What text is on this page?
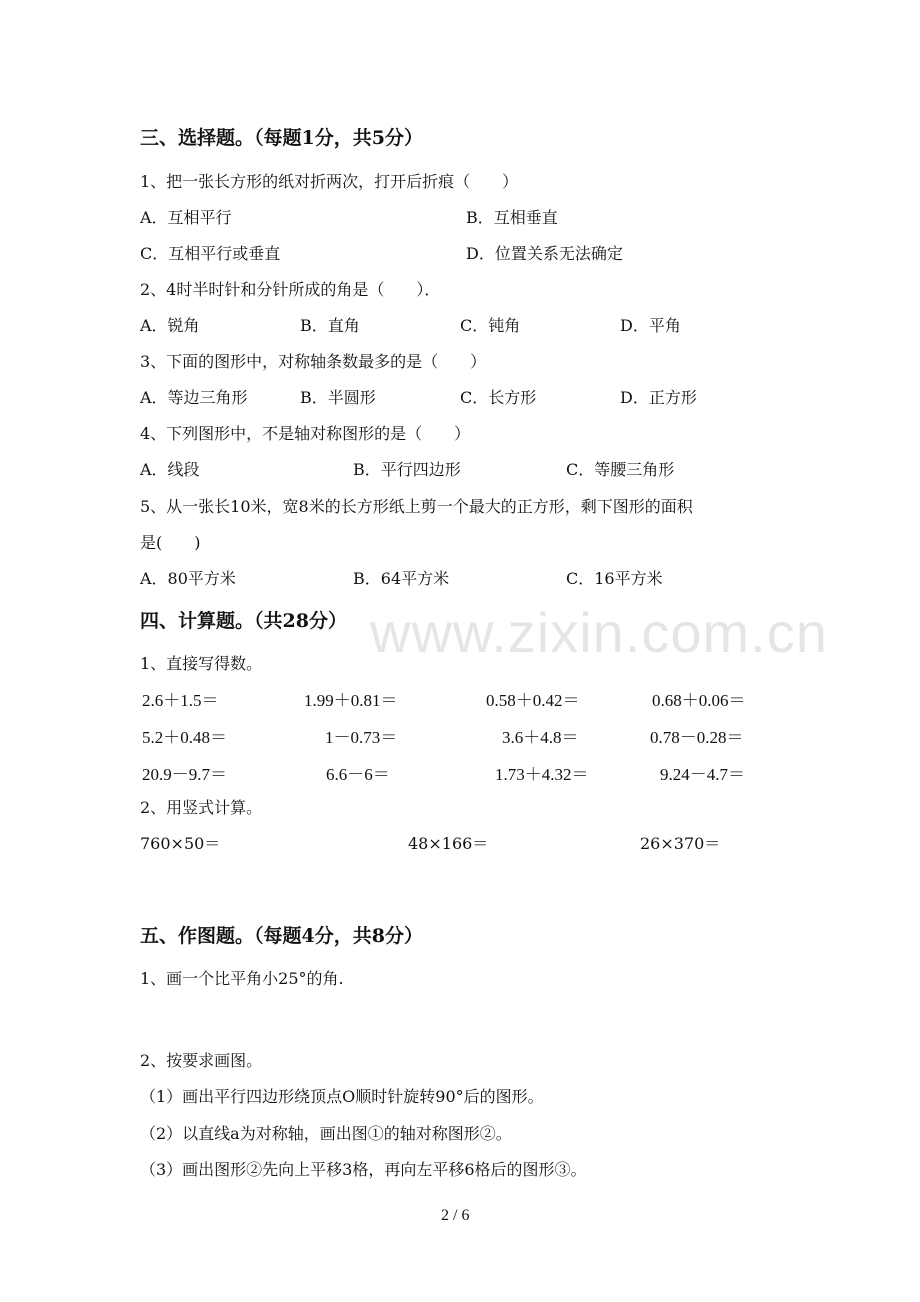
www.zixin.com.cn
三、选择题。（每题1分，共5分）
1、把一张长方形的纸对折两次，打开后折痕（　　）
A．互相平行	B．互相垂直
C．互相平行或垂直	D．位置关系无法确定
2、4时半时针和分针所成的角是（　　）．
A．锐角	B．直角	C．钝角	D．平角
3、下面的图形中，对称轴条数最多的是（　　）
A．等边三角形	B．半圆形	C．长方形	D．正方形
4、下列图形中，不是轴对称图形的是（　　）
A．线段	B．平行四边形	C．等腰三角形
5、从一张长10米，宽8米的长方形纸上剪一个最大的正方形，剩下图形的面积
是(　　)
A．80平方米	B．64平方米	C．16平方米
四、计算题。（共28分）
1、直接写得数。
2.6＋1.5＝	1.99＋0.81＝	0.58＋0.42＝	0.68＋0.06＝
5.2＋0.48＝	1－0.73＝	3.6＋4.8＝	0.78－0.28＝
20.9－9.7＝	6.6－6＝	1.73＋4.32＝	9.24－4.7＝
2、用竖式计算。
760×50＝	48×166＝	26×370＝
五、作图题。（每题4分，共8分）
1、画一个比平角小25°的角.
2、按要求画图。
（1）画出平行四边形绕顶点O顺时针旋转90°后的图形。
（2）以直线a为对称轴，画出图①的轴对称图形②。
（3）画出图形②先向上平移3格，再向左平移6格后的图形③。
2 / 6
